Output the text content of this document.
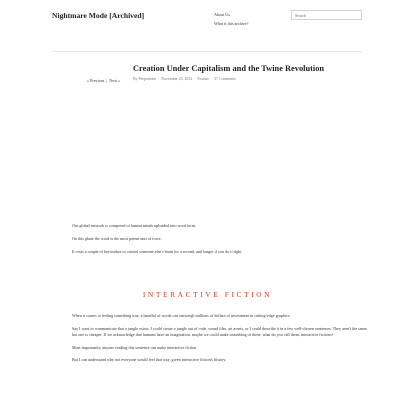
Nightmare Mode [Archived]	About Us
What is this archive?
Search
« Previous | Next »
Creation Under Capitalism and the Twine Revolution
By Peepeenine· November 23, 2012· Feature· 37 Comments

Our global network is composed of human minds uploaded into word form.

On this plane the word is the most potent unit of force.

It costs a couple of keystrokes to control someone else's brain for a second, and longer if you do it right.

INTERACTIVE FICTION

When it comes to feeling something true, a handful of words can outweigh millions of dollars of investment in cutting-edge graphics.

Say I want to communicate that a jungle exists. I could create a jungle out of code, sound files, art assets, or I could describe it in a few well-chosen sentences. They aren't the same, but one is cheaper. If we acknowledge that humans have an imagination, maybe we could make something of these, what do you call them, interactive fictions?

Most importantly, anyone reading this sentence can make interactive fiction.

But I can understand why not everyone would feel that way, given interactive fiction's history.
